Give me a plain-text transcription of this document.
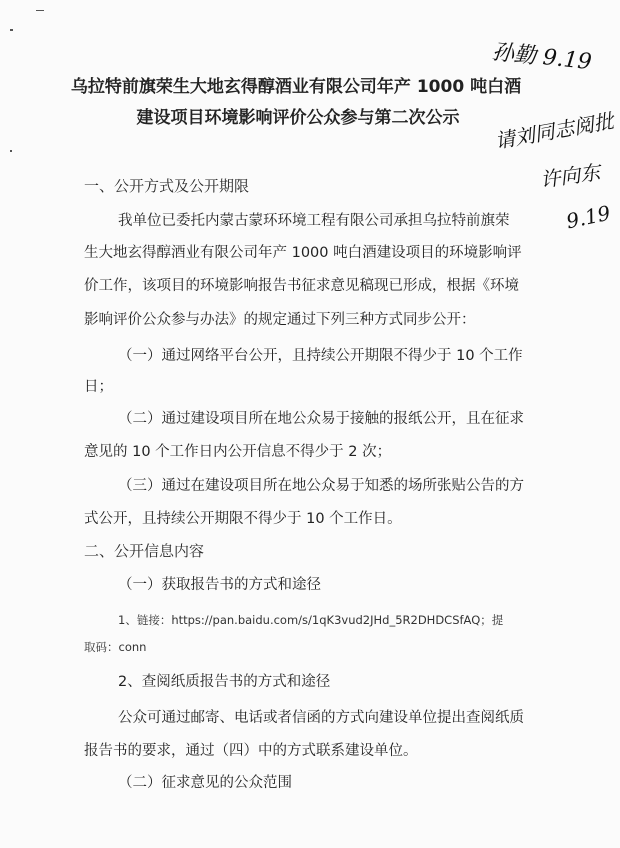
乌拉特前旗荣生大地玄得醇酒业有限公司年产 1000 吨白酒
建设项目环境影响评价公众参与第二次公示
孙勤 9.19
请刘同志阅批
许向东
9.19
一、公开方式及公开期限
我单位已委托内蒙古蒙环环境工程有限公司承担乌拉特前旗荣
生大地玄得醇酒业有限公司年产 1000 吨白酒建设项目的环境影响评
价工作，该项目的环境影响报告书征求意见稿现已形成，根据《环境
影响评价公众参与办法》的规定通过下列三种方式同步公开：
（一）通过网络平台公开，且持续公开期限不得少于 10 个工作
日；
（二）通过建设项目所在地公众易于接触的报纸公开，且在征求
意见的 10 个工作日内公开信息不得少于 2 次；
（三）通过在建设项目所在地公众易于知悉的场所张贴公告的方
式公开，且持续公开期限不得少于 10 个工作日。
二、公开信息内容
（一）获取报告书的方式和途径
1、链接：https://pan.baidu.com/s/1qK3vud2JHd_5R2DHDCSfAQ；提
取码：conn
2、查阅纸质报告书的方式和途径
公众可通过邮寄、电话或者信函的方式向建设单位提出查阅纸质
报告书的要求，通过（四）中的方式联系建设单位。
（二）征求意见的公众范围
